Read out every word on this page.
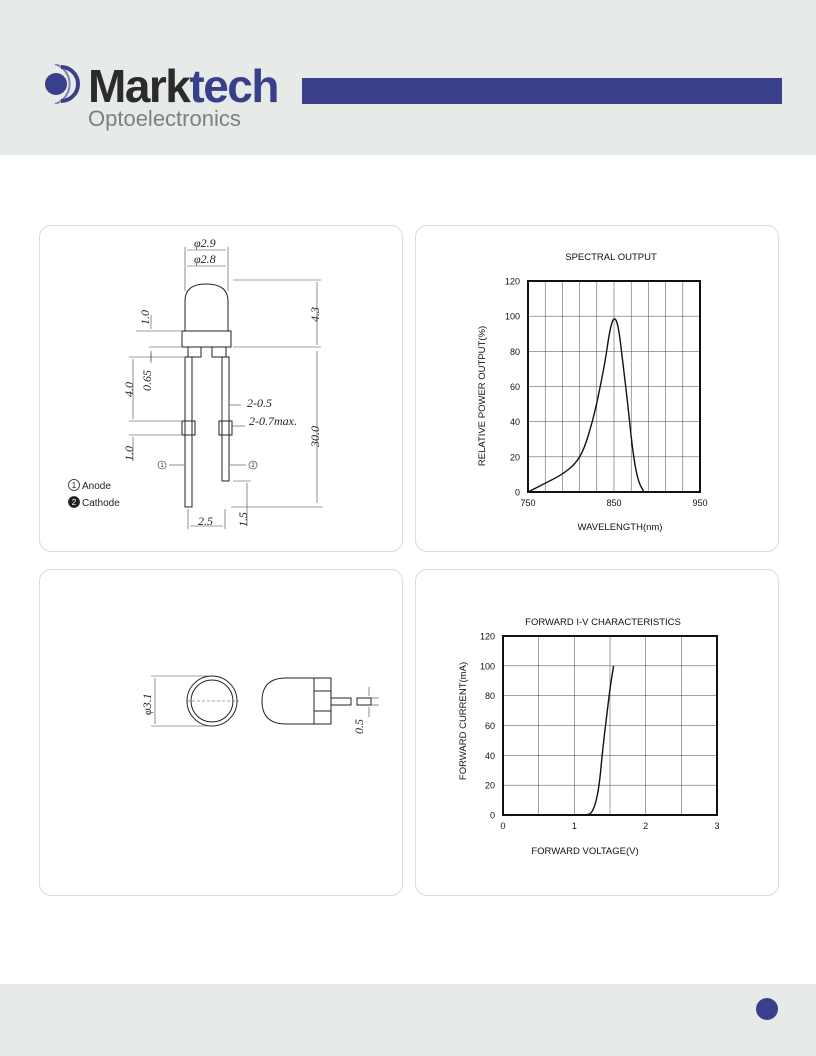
Marktech
Optoelectronics
φ2.9
φ2.8
4.3
1.0
4.0 0.65
2-0.5
2-0.7max.
30.0
1.0
1.5
2.5
1	2
1
2
Anode
Cathode
SPECTRAL OUTPUT
WAVELENGTH(nm)
RELATIVE POWER OUTPUT(%)
0
20
40
60
80
100
120
750	850	950
φ3.1
0.5
FORWARD I-V CHARACTERISTICS
FORWARD VOLTAGE(V)
FORWARD CURRENT(mA)
0
20
40
60
80
100
120
0	1	2	3
